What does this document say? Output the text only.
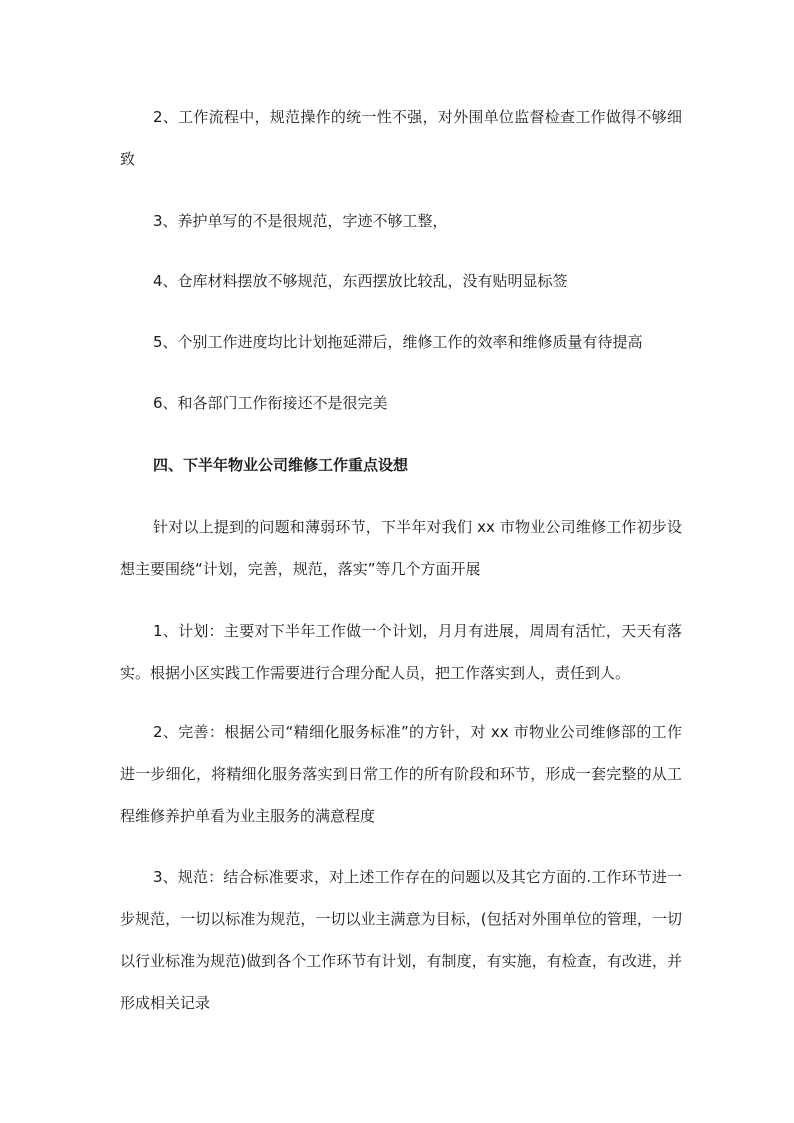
2、工作流程中，规范操作的统一性不强，对外围单位监督检查工作做得不够细致

3、养护单写的不是很规范，字迹不够工整，

4、仓库材料摆放不够规范，东西摆放比较乱，没有贴明显标签

5、个别工作进度均比计划拖延滞后，维修工作的效率和维修质量有待提高

6、和各部门工作衔接还不是很完美

四、下半年物业公司维修工作重点设想

针对以上提到的问题和薄弱环节，下半年对我们 xx 市物业公司维修工作初步设想主要围绕“计划，完善，规范，落实”等几个方面开展

1、计划：主要对下半年工作做一个计划，月月有进展，周周有活忙，天天有落实。根据小区实践工作需要进行合理分配人员，把工作落实到人，责任到人。

2、完善：根据公司“精细化服务标准”的方针，对 xx 市物业公司维修部的工作进一步细化，将精细化服务落实到日常工作的所有阶段和环节，形成一套完整的从工程维修养护单看为业主服务的满意程度

3、规范：结合标准要求，对上述工作存在的问题以及其它方面的.工作环节进一步规范，一切以标准为规范，一切以业主满意为目标，(包括对外围单位的管理，一切以行业标准为规范)做到各个工作环节有计划，有制度，有实施，有检查，有改进，并形成相关记录
